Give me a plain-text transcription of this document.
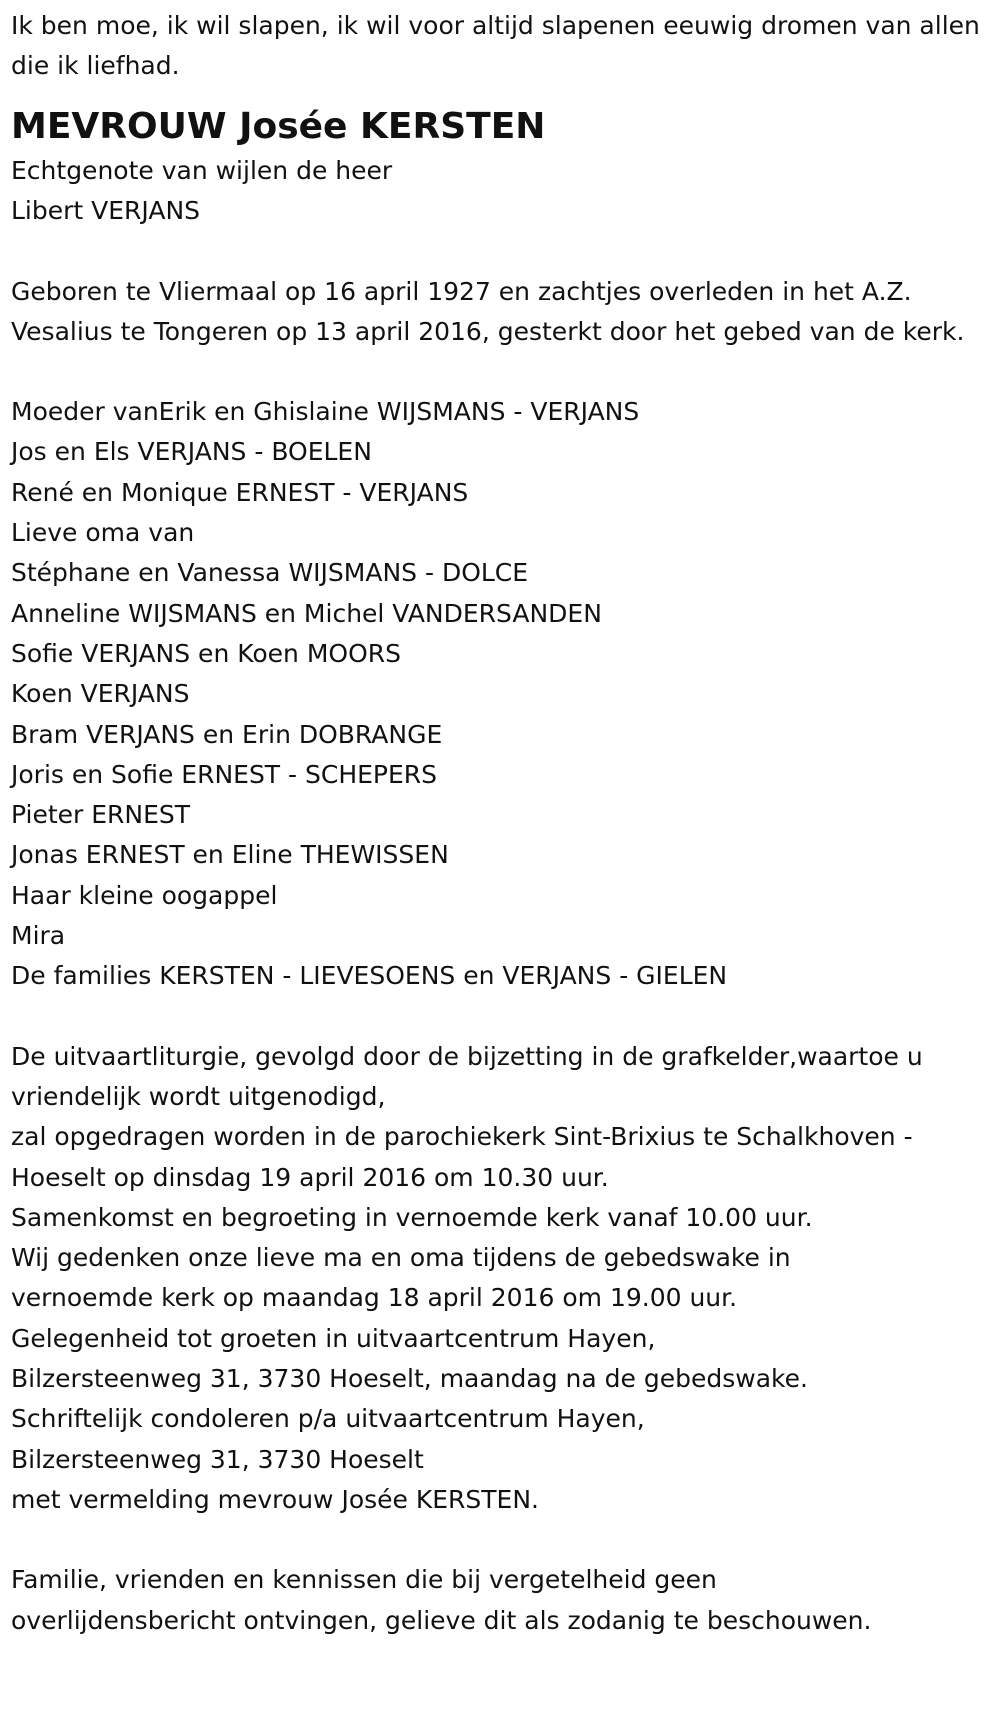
Ik ben moe, ik wil slapen, ik wil voor altijd slapenen eeuwig dromen van allen die ik liefhad.

MEVROUW Josée KERSTEN
Echtgenote van wijlen de heer
Libert VERJANS

Geboren te Vliermaal op 16 april 1927 en zachtjes overleden in het A.Z. Vesalius te Tongeren op 13 april 2016, gesterkt door het gebed van de kerk.

Moeder vanErik en Ghislaine WIJSMANS - VERJANS
Jos en Els VERJANS - BOELEN
René en Monique ERNEST - VERJANS
Lieve oma van
Stéphane en Vanessa WIJSMANS - DOLCE
Anneline WIJSMANS en Michel VANDERSANDEN
Sofie VERJANS en Koen MOORS
Koen VERJANS
Bram VERJANS en Erin DOBRANGE
Joris en Sofie ERNEST - SCHEPERS
Pieter ERNEST
Jonas ERNEST en Eline THEWISSEN
Haar kleine oogappel
Mira
De families KERSTEN - LIEVESOENS en VERJANS - GIELEN
De uitvaartliturgie, gevolgd door de bijzetting in de grafkelder,waartoe u
vriendelijk wordt uitgenodigd,
zal opgedragen worden in de parochiekerk Sint-Brixius te Schalkhoven -
Hoeselt op dinsdag 19 april 2016 om 10.30 uur.
Samenkomst en begroeting in vernoemde kerk vanaf 10.00 uur.
Wij gedenken onze lieve ma en oma tijdens de gebedswake in
vernoemde kerk op maandag 18 april 2016 om 19.00 uur.
Gelegenheid tot groeten in uitvaartcentrum Hayen,
Bilzersteenweg 31, 3730 Hoeselt, maandag na de gebedswake.
Schriftelijk condoleren p/a uitvaartcentrum Hayen,
Bilzersteenweg 31, 3730 Hoeselt
met vermelding mevrouw Josée KERSTEN.
Familie, vrienden en kennissen die bij vergetelheid geen
overlijdensbericht ontvingen, gelieve dit als zodanig te beschouwen.
